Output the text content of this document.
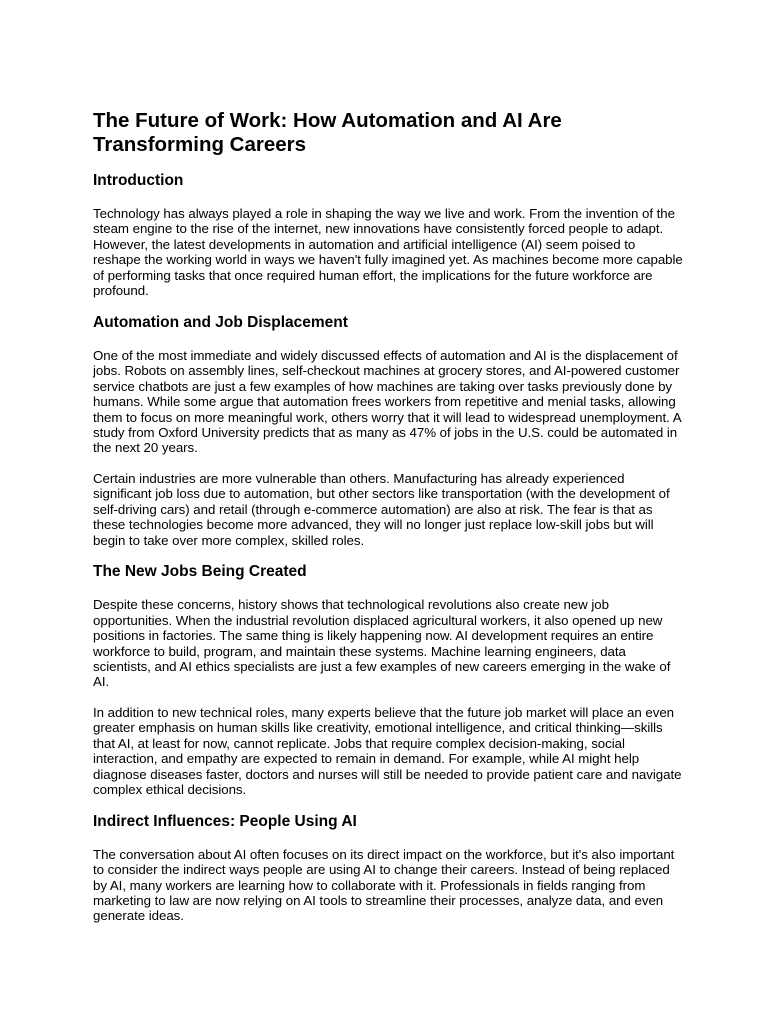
The Future of Work: How Automation and AI Are Transforming Careers
Introduction

Technology has always played a role in shaping the way we live and work. From the invention of the steam engine to the rise of the internet, new innovations have consistently forced people to adapt. However, the latest developments in automation and artificial intelligence (AI) seem poised to reshape the working world in ways we haven't fully imagined yet. As machines become more capable of performing tasks that once required human effort, the implications for the future workforce are profound.

Automation and Job Displacement

One of the most immediate and widely discussed effects of automation and AI is the displacement of jobs. Robots on assembly lines, self-checkout machines at grocery stores, and AI-powered customer service chatbots are just a few examples of how machines are taking over tasks previously done by humans. While some argue that automation frees workers from repetitive and menial tasks, allowing them to focus on more meaningful work, others worry that it will lead to widespread unemployment. A study from Oxford University predicts that as many as 47% of jobs in the U.S. could be automated in the next 20 years.

Certain industries are more vulnerable than others. Manufacturing has already experienced significant job loss due to automation, but other sectors like transportation (with the development of self-driving cars) and retail (through e-commerce automation) are also at risk. The fear is that as these technologies become more advanced, they will no longer just replace low-skill jobs but will begin to take over more complex, skilled roles.

The New Jobs Being Created

Despite these concerns, history shows that technological revolutions also create new job opportunities. When the industrial revolution displaced agricultural workers, it also opened up new positions in factories. The same thing is likely happening now. AI development requires an entire workforce to build, program, and maintain these systems. Machine learning engineers, data scientists, and AI ethics specialists are just a few examples of new careers emerging in the wake of AI.

In addition to new technical roles, many experts believe that the future job market will place an even greater emphasis on human skills like creativity, emotional intelligence, and critical thinking—skills that AI, at least for now, cannot replicate. Jobs that require complex decision-making, social interaction, and empathy are expected to remain in demand. For example, while AI might help diagnose diseases faster, doctors and nurses will still be needed to provide patient care and navigate complex ethical decisions.

Indirect Influences: People Using AI

The conversation about AI often focuses on its direct impact on the workforce, but it's also important to consider the indirect ways people are using AI to change their careers. Instead of being replaced by AI, many workers are learning how to collaborate with it. Professionals in fields ranging from marketing to law are now relying on AI tools to streamline their processes, analyze data, and even generate ideas.
